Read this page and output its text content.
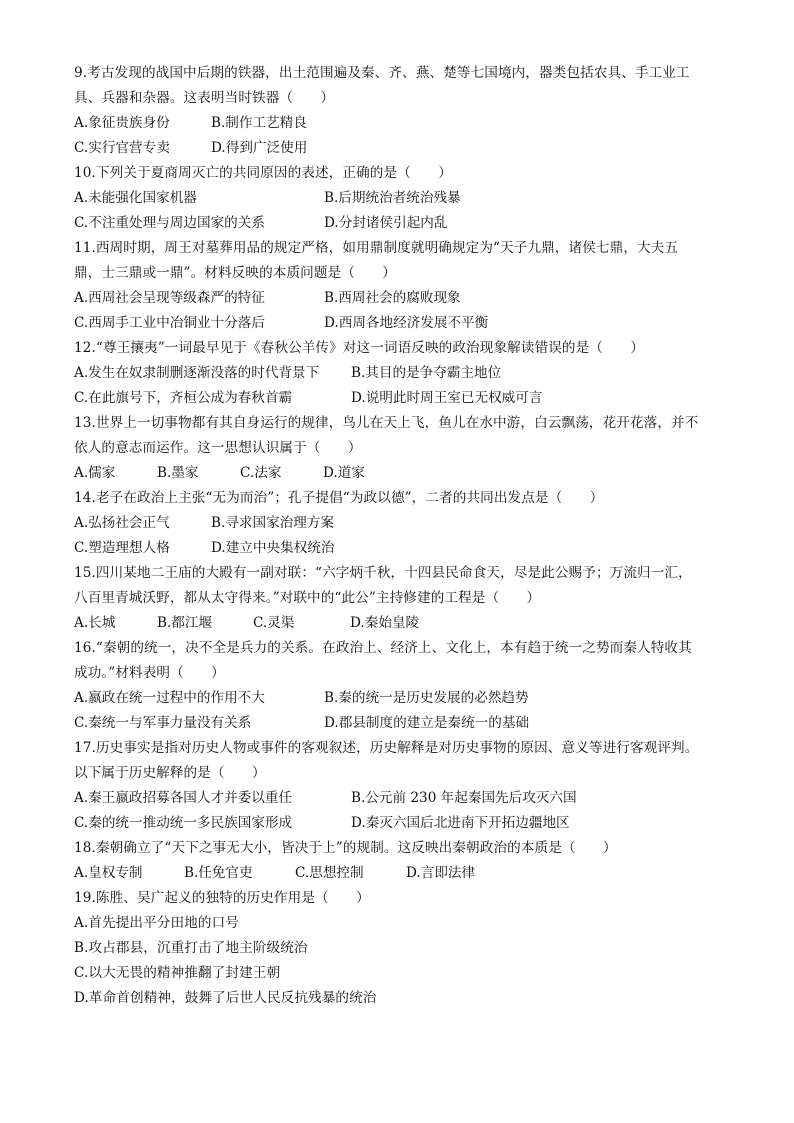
9.考古发现的战国中后期的铁器，出土范围遍及秦、齐、燕、楚等七国境内，器类包括农具、手工业工
具、兵器和杂器。这表明当时铁器（　　）
A.象征贵族身份	B.制作工艺精良
C.实行官营专卖	D.得到广泛使用
10.下列关于夏商周灭亡的共同原因的表述，正确的是（　　）
A.未能强化国家机器	B.后期统治者统治残暴
C.不注重处理与周边国家的关系	D.分封诸侯引起内乱
11.西周时期，周王对墓葬用品的规定严格，如用鼎制度就明确规定为“天子九鼎，诸侯七鼎，大夫五
鼎，士三鼎或一鼎”。材料反映的本质问题是（　　）
A.西周社会呈现等级森严的特征	B.西周社会的腐败现象
C.西周手工业中冶铜业十分落后	D.西周各地经济发展不平衡
12.“尊王攘夷”一词最早见于《春秋公羊传》对这一词语反映的政治现象解读错误的是（　　）
A.发生在奴隶制删逐渐没落的时代背景下 B.其目的是争夺霸主地位
C.在此旗号下，齐桓公成为春秋首霸	D.说明此时周王室已无权威可言
13.世界上一切事物都有其自身运行的规律，鸟儿在天上飞，鱼儿在水中游，白云飘荡，花开花落，并不
依人的意志而运作。这一思想认识属于（　　）
A.儒家	B.墨家	C.法家	D.道家
14.老子在政治上主张“无为而治”；孔子提倡“为政以德”，二者的共同出发点是（　　）
A.弘扬社会正气	B.寻求国家治理方案
C.塑造理想人格	D.建立中央集权统治
15.四川某地二王庙的大殿有一副对联：“六字炳千秋，十四县民命食天，尽是此公赐予；万流归一汇，
八百里青城沃野，都从太守得来。”对联中的“此公”主持修建的工程是（　　）
A.长城	B.都江堰	C.灵渠	D.秦始皇陵
16.“秦朝的统一，决不全是兵力的关系。在政治上、经济上、文化上，本有趋于统一之势而秦人特收其
成功。”材料表明（　　）
A.嬴政在统一过程中的作用不大	B.秦的统一是历史发展的必然趋势
C.秦统一与军事力量没有关系	D.郡县制度的建立是秦统一的基础
17.历史事实是指对历史人物或事件的客观叙述，历史解释是对历史事物的原因、意义等进行客观评判。
以下属于历史解释的是（　　）
A.秦王嬴政招募各国人才并委以重任	B.公元前 230 年起秦国先后攻灭六国
C.秦的统一推动统一多民族国家形成	D.秦灭六国后北进南下开拓边疆地区
18.秦朝确立了“天下之事无大小，皆决于上”的规制。这反映出秦朝政治的本质是（　　）
A.皇权专制	B.任免官吏	C.思想控制	D.言即法律
19.陈胜、吴广起义的独特的历史作用是（　　）
A.首先提出平分田地的口号
B.攻占郡县，沉重打击了地主阶级统治
C.以大无畏的精神推翻了封建王朝
D.革命首创精神，鼓舞了后世人民反抗残暴的统治
